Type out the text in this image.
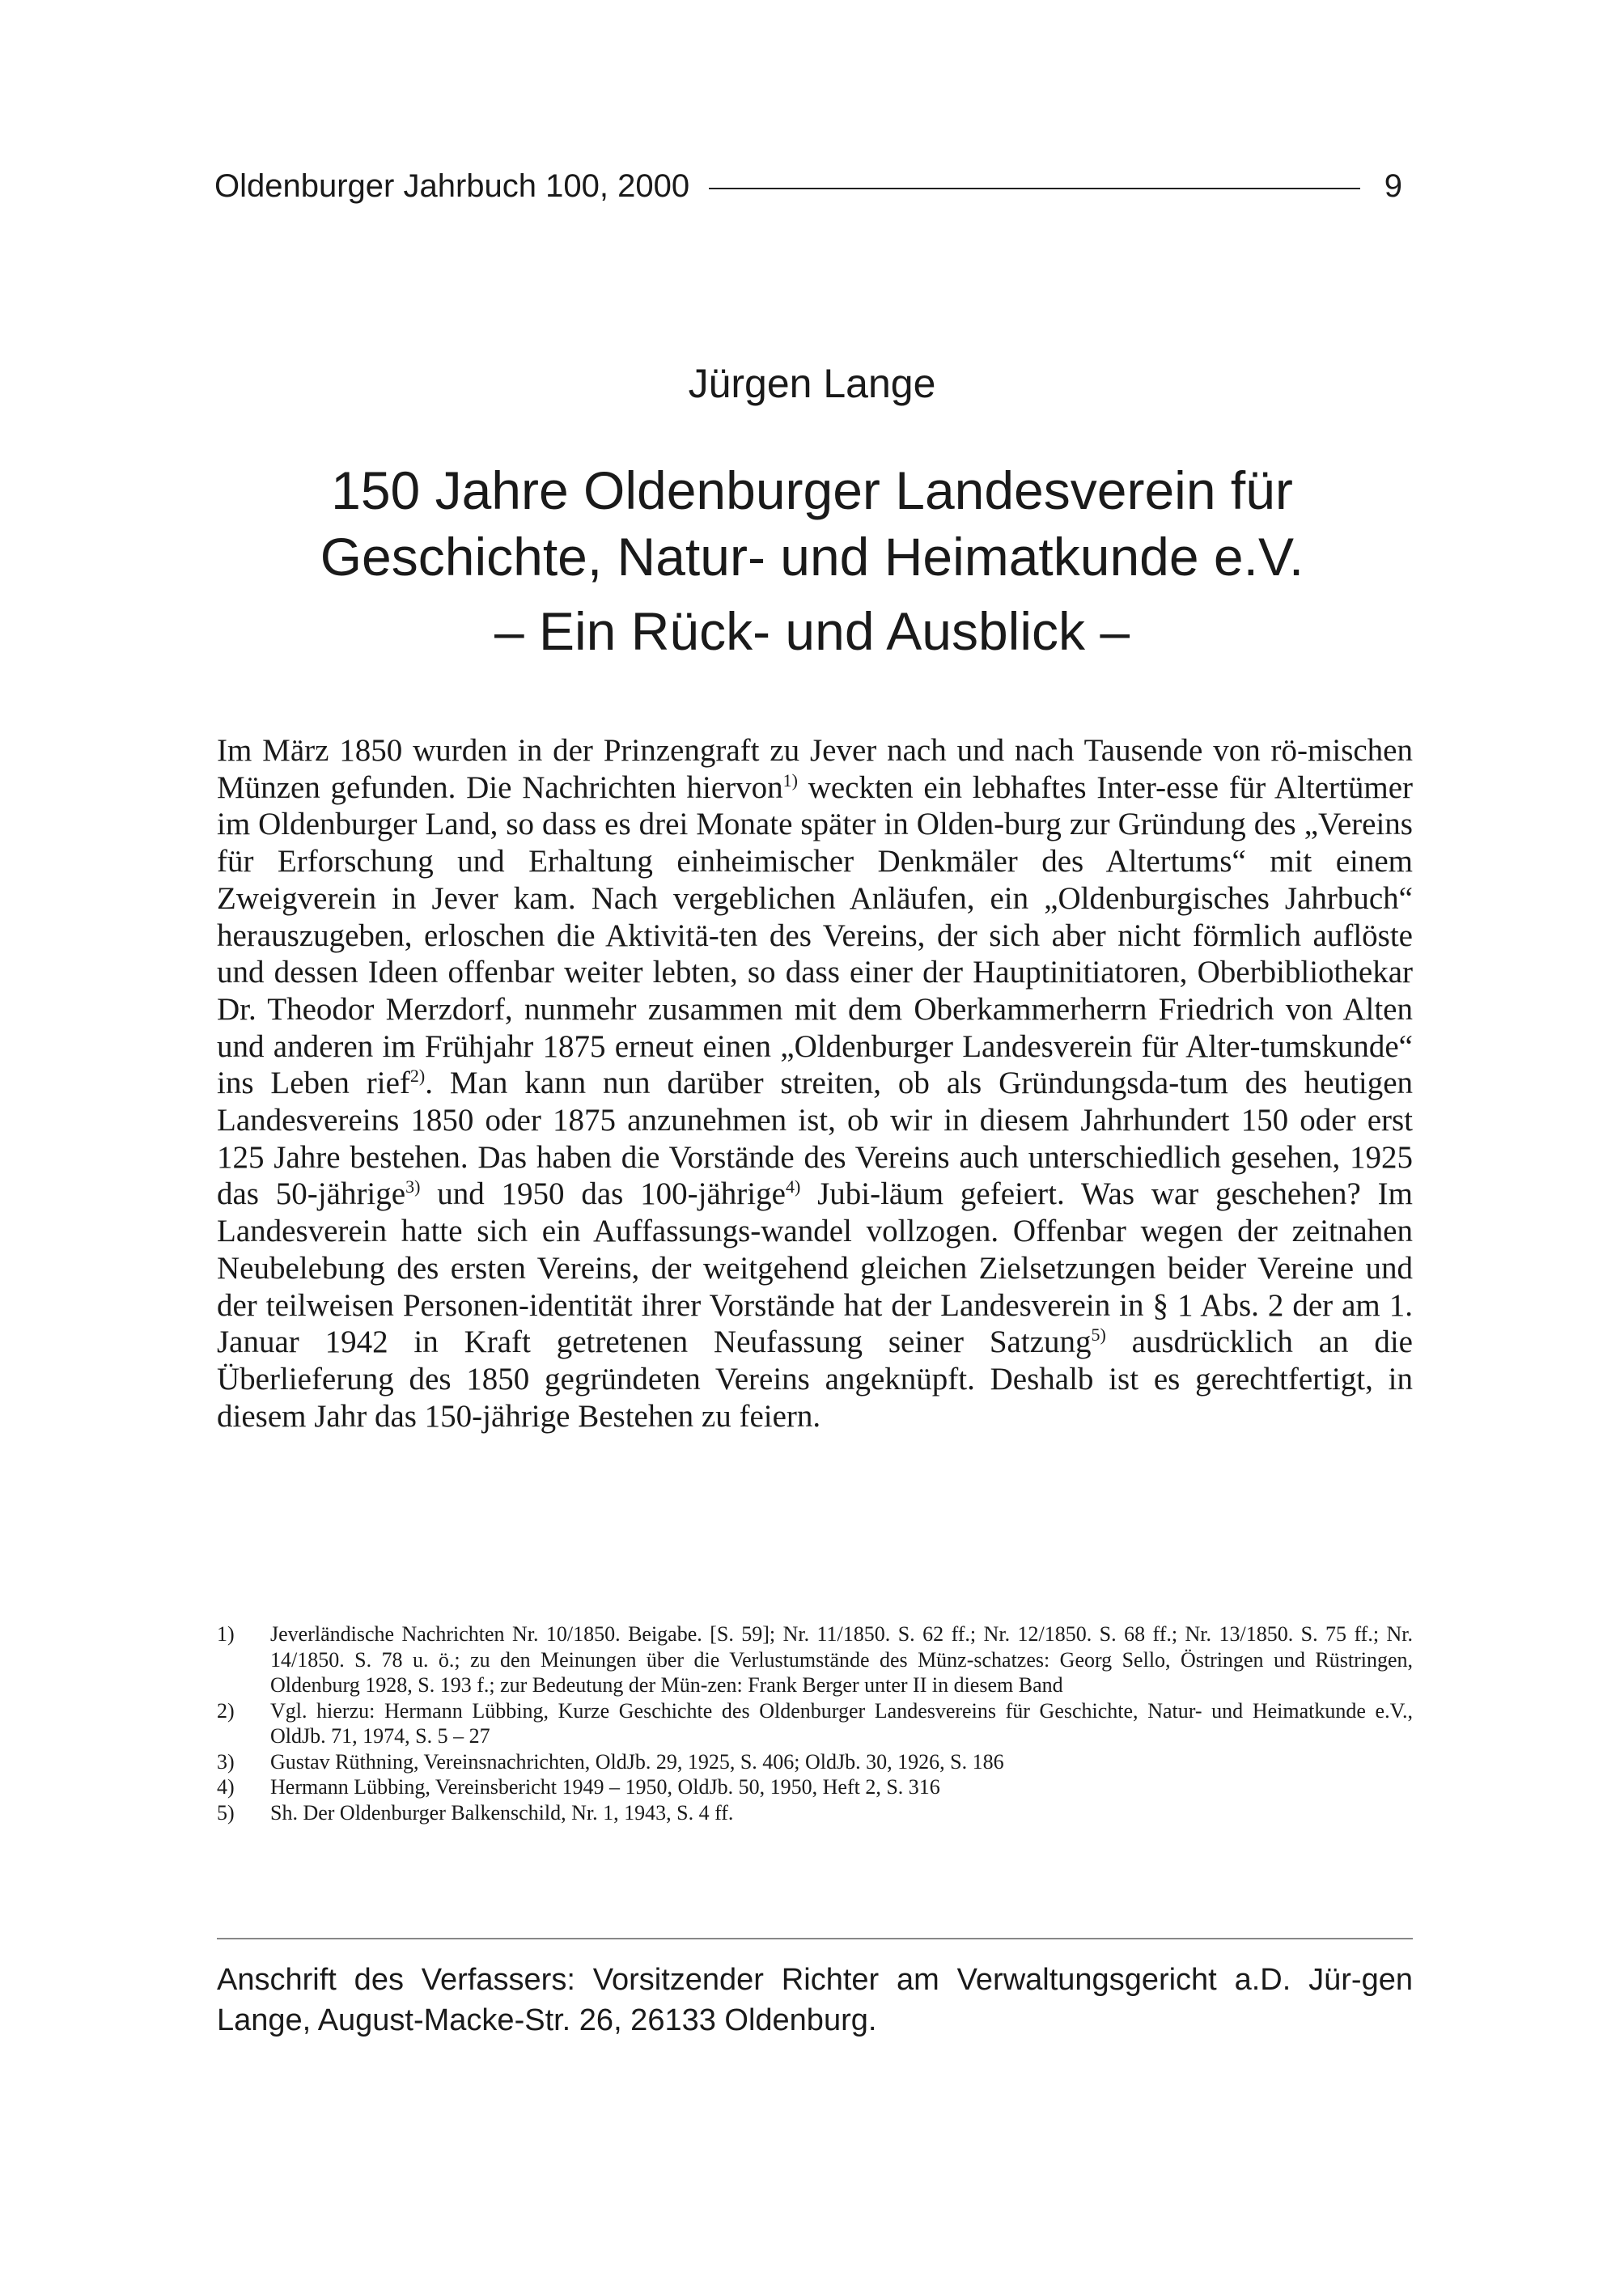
Oldenburger Jahrbuch 100, 2000	9
Jürgen Lange
150 Jahre Oldenburger Landesverein für
Geschichte, Natur- und Heimatkunde e.V.
– Ein Rück- und Ausblick –

Im März 1850 wurden in der Prinzengraft zu Jever nach und nach Tausende von rö-mischen Münzen gefunden. Die Nachrichten hiervon$^{1)}$ weckten ein lebhaftes Inter-esse für Altertümer im Oldenburger Land, so dass es drei Monate später in Olden-burg zur Gründung des „Vereins für Erforschung und Erhaltung einheimischer Denkmäler des Altertums“ mit einem Zweigverein in Jever kam. Nach vergeblichen Anläufen, ein „Oldenburgisches Jahrbuch“ herauszugeben, erloschen die Aktivitä-ten des Vereins, der sich aber nicht förmlich auflöste und dessen Ideen offenbar weiter lebten, so dass einer der Hauptinitiatoren, Oberbibliothekar Dr. Theodor Merzdorf, nunmehr zusammen mit dem Oberkammerherrn Friedrich von Alten und anderen im Frühjahr 1875 erneut einen „Oldenburger Landesverein für Alter-tumskunde“ ins Leben rief$^{2)}$. Man kann nun darüber streiten, ob als Gründungsda-tum des heutigen Landesvereins 1850 oder 1875 anzunehmen ist, ob wir in diesem Jahrhundert 150 oder erst 125 Jahre bestehen. Das haben die Vorstände des Vereins auch unterschiedlich gesehen, 1925 das 50-jährige$^{3)}$ und 1950 das 100-jährige$^{4)}$ Jubi-läum gefeiert. Was war geschehen? Im Landesverein hatte sich ein Auffassungs-wandel vollzogen. Offenbar wegen der zeitnahen Neubelebung des ersten Vereins, der weitgehend gleichen Zielsetzungen beider Vereine und der teilweisen Personen-identität ihrer Vorstände hat der Landesverein in § 1 Abs. 2 der am 1. Januar 1942 in Kraft getretenen Neufassung seiner Satzung$^{5)}$ ausdrücklich an die Überlieferung des 1850 gegründeten Vereins angeknüpft. Deshalb ist es gerechtfertigt, in diesem Jahr das 150-jährige Bestehen zu feiern.

1)	Jeverländische Nachrichten Nr. 10/1850. Beigabe. [S. 59]; Nr. 11/1850. S. 62 ff.; Nr. 12/1850. S. 68 ff.; Nr. 13/1850. S. 75 ff.; Nr. 14/1850. S. 78 u. ö.; zu den Meinungen über die Verlustumstände des Münz-schatzes: Georg Sello, Östringen und Rüstringen, Oldenburg 1928, S. 193 f.; zur Bedeutung der Mün-zen: Frank Berger unter II in diesem Band
2)	Vgl. hierzu: Hermann Lübbing, Kurze Geschichte des Oldenburger Landesvereins für Geschichte, Natur- und Heimatkunde e.V., OldJb. 71, 1974, S. 5 – 27
3)	Gustav Rüthning, Vereinsnachrichten, OldJb. 29, 1925, S. 406; OldJb. 30, 1926, S. 186
4)	Hermann Lübbing, Vereinsbericht 1949 – 1950, OldJb. 50, 1950, Heft 2, S. 316
5)	Sh. Der Oldenburger Balkenschild, Nr. 1, 1943, S. 4 ff.
Anschrift des Verfassers: Vorsitzender Richter am Verwaltungsgericht a.D. Jür-gen Lange, August-Macke-Str. 26, 26133 Oldenburg.
